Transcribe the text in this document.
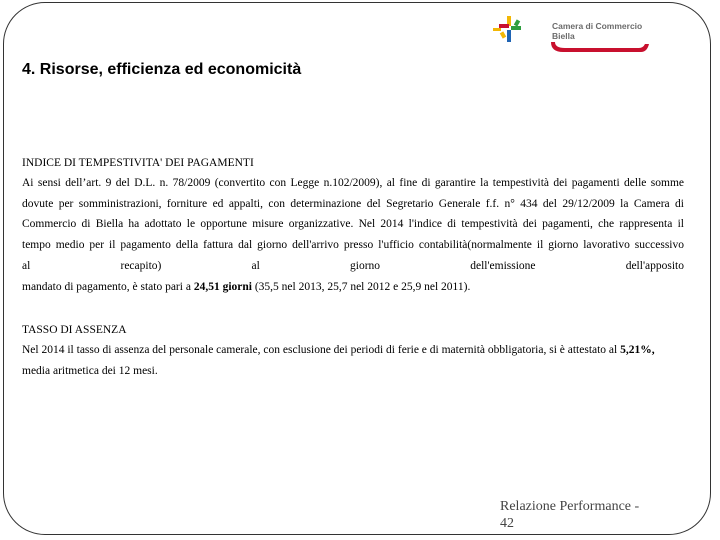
Camera di Commercio
Biella
4. Risorse, efficienza ed economicità
INDICE DI TEMPESTIVITA' DEI PAGAMENTI
Ai sensi dell’art. 9 del D.L. n. 78/2009 (convertito con Legge n.102/2009), al fine di garantire la tempestività dei pagamenti delle somme
dovute per somministrazioni, forniture ed appalti, con determinazione del Segretario Generale f.f. n° 434 del 29/12/2009 la Camera di
Commercio di Biella ha adottato le opportune misure organizzative. Nel 2014 l'indice di tempestività dei pagamenti, che rappresenta il
tempo medio per il pagamento della fattura dal giorno dell'arrivo presso l'ufficio contabilità(normalmente il giorno lavorativo successivo
al	recapito)	al	giorno	dell'emissione	dell'apposito
mandato di pagamento, è stato pari a 24,51 giorni (35,5 nel 2013, 25,7 nel 2012 e 25,9 nel 2011).
TASSO DI ASSENZA
Nel 2014 il tasso di assenza del personale camerale, con esclusione dei periodi di ferie e di maternità obbligatoria, si è attestato al 5,21%,
media aritmetica dei 12 mesi.
Relazione Performance -
42
